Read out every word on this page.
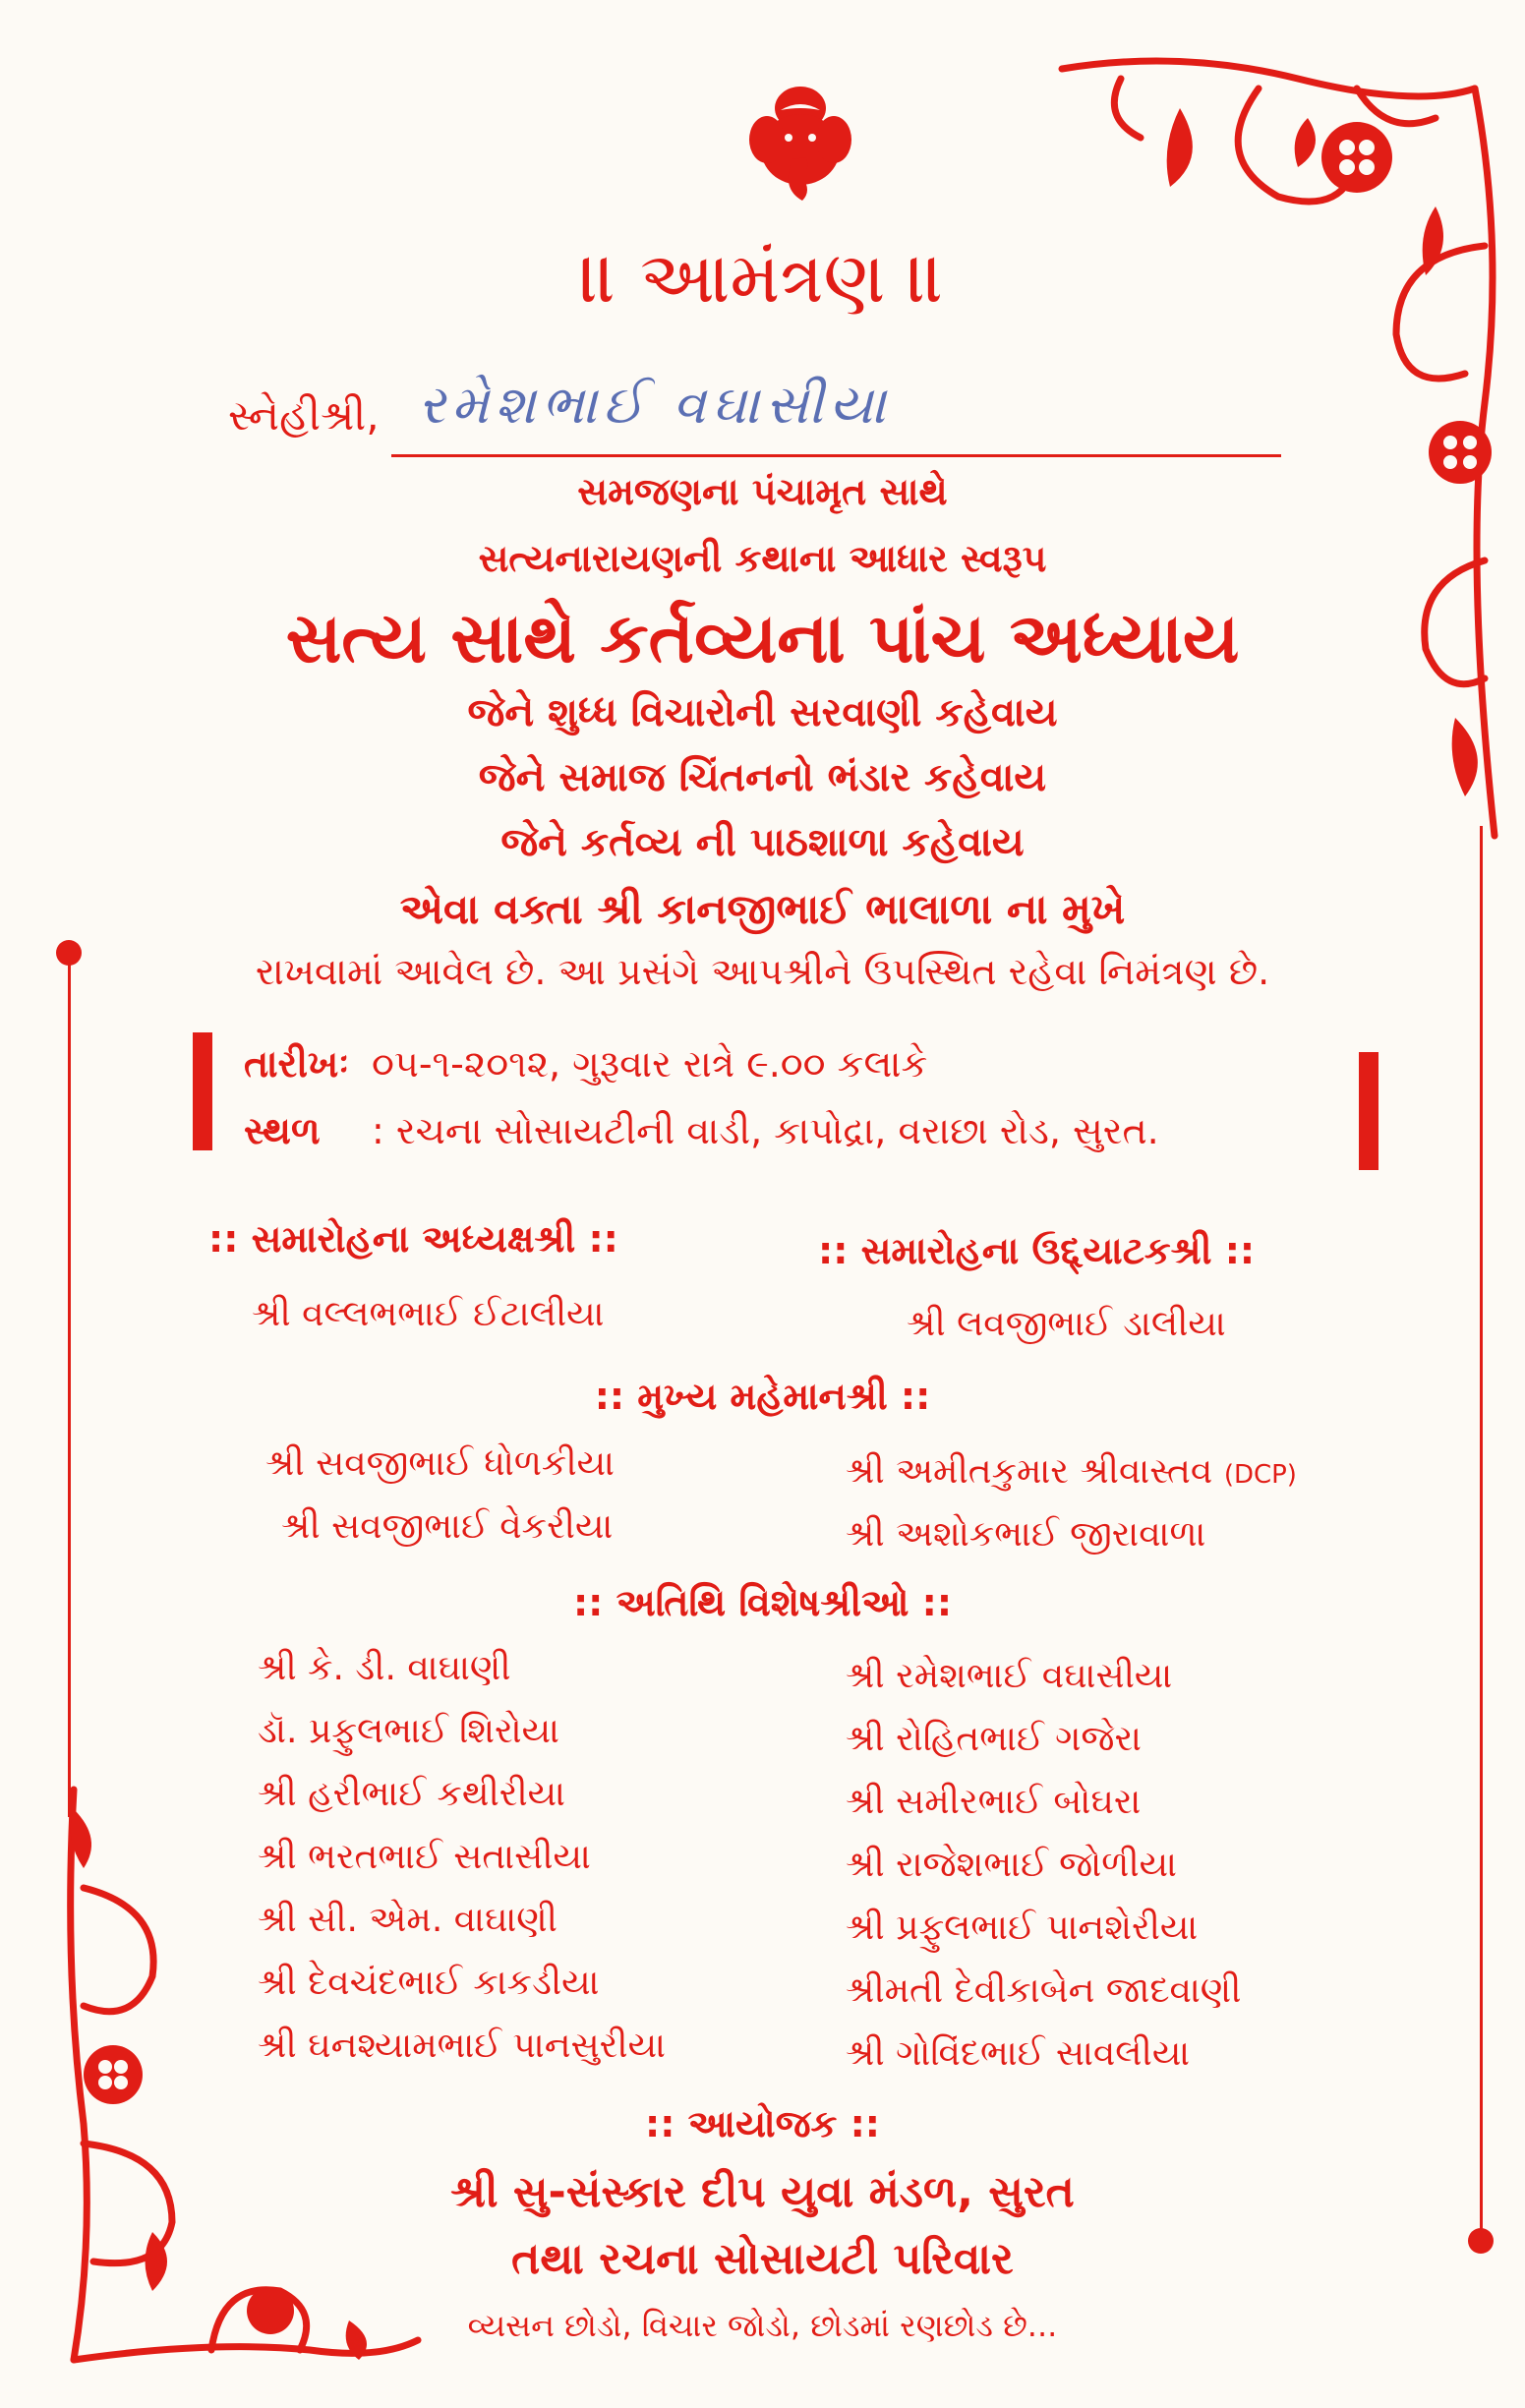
॥ આમંત્રણ ॥
સ્નેહીશ્રી, રમેશભાઈ વઘાસીયા
સમજણના પંચામૃત સાથે
સત્યનારાયણની કથાના આધાર સ્વરૂપ
સત્ય સાથે કર્તવ્યના પાંચ અધ્યાય
જેને શુધ્ધ વિચારોની સરવાણી કહેવાય
જેને સમાજ ચિંતનનો ભંડાર કહેવાય
જેને કર્તવ્ય ની પાઠશાળા કહેવાય
એવા વક્તા શ્રી કાનજીભાઈ ભાલાળા ના મુખે
રાખવામાં આવેલ છે. આ પ્રસંગે આપશ્રીને ઉપસ્થિત રહેવા નિમંત્રણ છે.
તારીખઃ ૦૫-૧-૨૦૧૨, ગુરૂવાર રાત્રે ૯.૦૦ કલાકે
સ્થળ : રચના સોસાયટીની વાડી, કાપોદ્રા, વરાછા રોડ, સુરત.
:: સમારોહના અધ્યક્ષશ્રી ::	:: સમારોહના ઉદ્દ્યાટકશ્રી ::
શ્રી વલ્લભભાઈ ઈટાલીયા	શ્રી લવજીભાઈ ડાલીયા
:: મુખ્ય મહેમાનશ્રી ::
શ્રી સવજીભાઈ ધોળકીયા
શ્રી સવજીભાઈ વેકરીયા
શ્રી અમીતકુમાર શ્રીવાસ્તવ (DCP)
શ્રી અશોકભાઈ જીરાવાળા
:: અતિથિ વિશેષશ્રીઓ ::
શ્રી કે. ડી. વાઘાણી
ડૉ. પ્રફુલભાઈ શિરોયા
શ્રી હરીભાઈ કથીરીયા
શ્રી ભરતભાઈ સતાસીયા
શ્રી સી. એમ. વાઘાણી
શ્રી દેવચંદભાઈ કાકડીયા
શ્રી ઘનશ્યામભાઈ પાનસુરીયા
શ્રી રમેશભાઈ વઘાસીયા
શ્રી રોહિતભાઈ ગજેરા
શ્રી સમીરભાઈ બોઘરા
શ્રી રાજેશભાઈ જોળીયા
શ્રી પ્રફુલભાઈ પાનશેરીયા
શ્રીમતી દેવીકાબેન જાદવાણી
શ્રી ગોવિંદભાઈ સાવલીયા
:: આયોજક ::
શ્રી સુ-સંસ્કાર દીપ યુવા મંડળ, સુરત
તથા રચના સોસાયટી પરિવાર
વ્યસન છોડો, વિચાર જોડો, છોડમાં રણછોડ છે...
